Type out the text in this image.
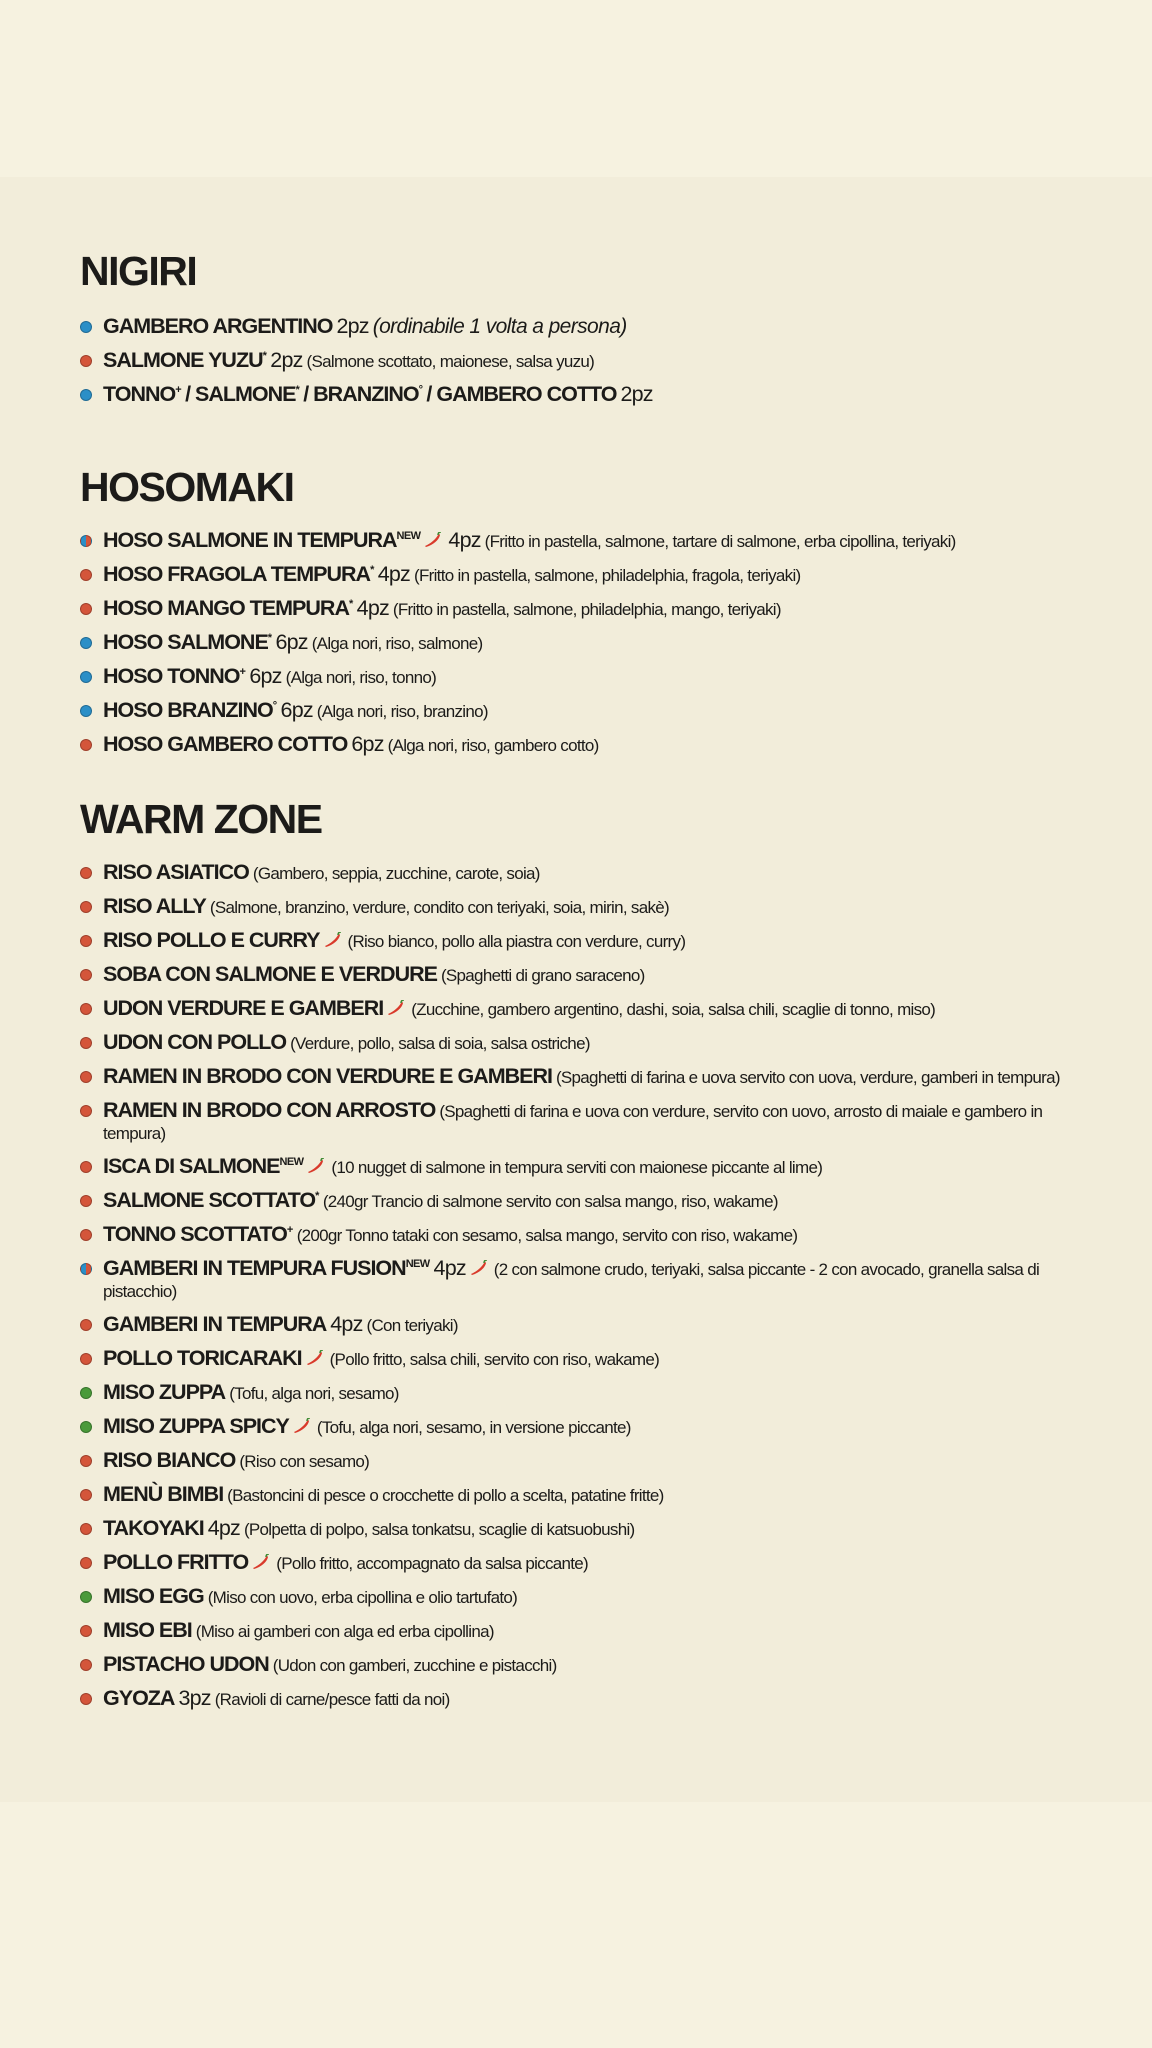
NIGIRI
GAMBERO ARGENTINO 2pz (ordinabile 1 volta a persona)
SALMONE YUZU* 2pz (Salmone scottato, maionese, salsa yuzu)
TONNO+ / SALMONE* / BRANZINO° / GAMBERO COTTO 2pz
HOSOMAKI
HOSO SALMONE IN $TEMPURA^{NEW}$ 4pz (Fritto in pastella, salmone, tartare di salmone, erba cipollina, teriyaki)
HOSO FRAGOLA TEMPURA* 4pz (Fritto in pastella, salmone, philadelphia, fragola, teriyaki)
HOSO MANGO TEMPURA* 4pz (Fritto in pastella, salmone, philadelphia, mango, teriyaki)
HOSO SALMONE* 6pz (Alga nori, riso, salmone)
HOSO TONNO+ 6pz (Alga nori, riso, tonno)
HOSO BRANZINO° 6pz (Alga nori, riso, branzino)
HOSO GAMBERO COTTO 6pz (Alga nori, riso, gambero cotto)
WARM ZONE
RISO ASIATICO (Gambero, seppia, zucchine, carote, soia)
RISO ALLY (Salmone, branzino, verdure, condito con teriyaki, soia, mirin, sakè)
RISO POLLO E CURRY (Riso bianco, pollo alla piastra con verdure, curry)
SOBA CON SALMONE E VERDURE (Spaghetti di grano saraceno)
UDON VERDURE E GAMBERI (Zucchine, gambero argentino, dashi, soia, salsa chili, scaglie di tonno, miso)
UDON CON POLLO (Verdure, pollo, salsa di soia, salsa ostriche)
RAMEN IN BRODO CON VERDURE E GAMBERI (Spaghetti di farina e uova servito con uova, verdure, gamberi in tempura)
RAMEN IN BRODO CON ARROSTO (Spaghetti di farina e uova con verdure, servito con uovo, arrosto di maiale e gambero in tempura)
ISCA DI $SALMONE^{NEW}$ (10 nugget di salmone in tempura serviti con maionese piccante al lime)
SALMONE SCOTTATO* (240gr Trancio di salmone servito con salsa mango, riso, wakame)
TONNO SCOTTATO+ (200gr Tonno tataki con sesamo, salsa mango, servito con riso, wakame)
GAMBERI IN TEMPURA $FUSION^{NEW}$ 4pz (2 con salmone crudo, teriyaki, salsa piccante - 2 con avocado, granella salsa di pistacchio)
GAMBERI IN TEMPURA 4pz (Con teriyaki)
POLLO TORICARAKI (Pollo fritto, salsa chili, servito con riso, wakame)
MISO ZUPPA (Tofu, alga nori, sesamo)
MISO ZUPPA SPICY (Tofu, alga nori, sesamo, in versione piccante)
RISO BIANCO (Riso con sesamo)
MENÙ BIMBI (Bastoncini di pesce o crocchette di pollo a scelta, patatine fritte)
TAKOYAKI 4pz (Polpetta di polpo, salsa tonkatsu, scaglie di katsuobushi)
POLLO FRITTO (Pollo fritto, accompagnato da salsa piccante)
MISO EGG (Miso con uovo, erba cipollina e olio tartufato)
MISO EBI (Miso ai gamberi con alga ed erba cipollina)
PISTACHO UDON (Udon con gamberi, zucchine e pistacchi)
GYOZA 3pz (Ravioli di carne/pesce fatti da noi)
